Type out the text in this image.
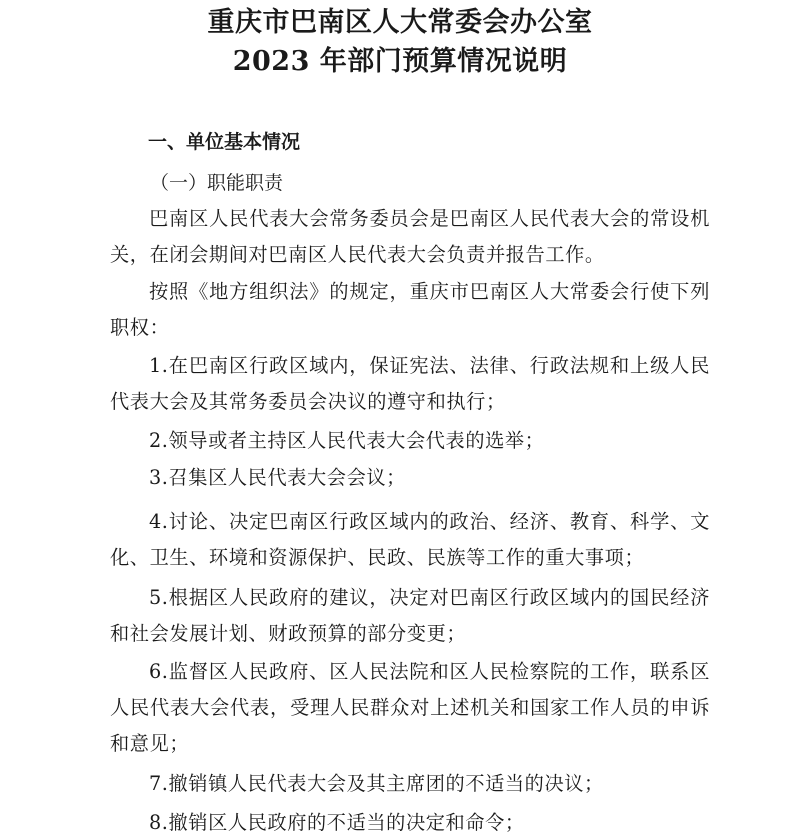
重庆市巴南区人大常委会办公室
2023 年部门预算情况说明
一、单位基本情况
（一）职能职责

巴南区人民代表大会常务委员会是巴南区人民代表大会的常设机关，在闭会期间对巴南区人民代表大会负责并报告工作。

按照《地方组织法》的规定，重庆市巴南区人大常委会行使下列职权：

1.在巴南区行政区域内，保证宪法、法律、行政法规和上级人民代表大会及其常务委员会决议的遵守和执行；

2.领导或者主持区人民代表大会代表的选举；

3.召集区人民代表大会会议；

4.讨论、决定巴南区行政区域内的政治、经济、教育、科学、文化、卫生、环境和资源保护、民政、民族等工作的重大事项；

5.根据区人民政府的建议，决定对巴南区行政区域内的国民经济和社会发展计划、财政预算的部分变更；

6.监督区人民政府、区人民法院和区人民检察院的工作，联系区人民代表大会代表，受理人民群众对上述机关和国家工作人员的申诉和意见；

7.撤销镇人民代表大会及其主席团的不适当的决议；

8.撤销区人民政府的不适当的决定和命令；
